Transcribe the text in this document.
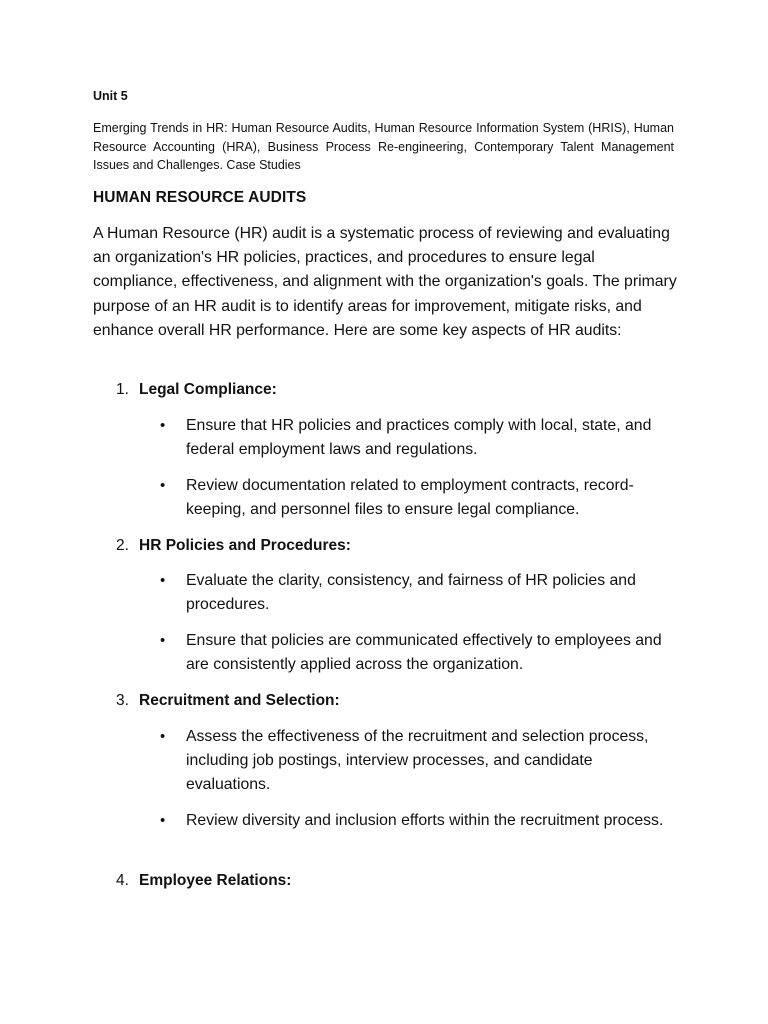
Unit 5
Emerging Trends in HR: Human Resource Audits, Human Resource Information System (HRIS), Human Resource Accounting (HRA), Business Process Re-engineering, Contemporary Talent Management Issues and Challenges. Case Studies
HUMAN RESOURCE AUDITS
A Human Resource (HR) audit is a systematic process of reviewing and evaluating an organization's HR policies, practices, and procedures to ensure legal compliance, effectiveness, and alignment with the organization's goals. The primary purpose of an HR audit is to identify areas for improvement, mitigate risks, and enhance overall HR performance. Here are some key aspects of HR audits:
1. Legal Compliance:
•	Ensure that HR policies and practices comply with local, state, and federal employment laws and regulations.
•	Review documentation related to employment contracts, record-keeping, and personnel files to ensure legal compliance.
2. HR Policies and Procedures:
•	Evaluate the clarity, consistency, and fairness of HR policies and procedures.
•	Ensure that policies are communicated effectively to employees and are consistently applied across the organization.
3. Recruitment and Selection:
•	Assess the effectiveness of the recruitment and selection process, including job postings, interview processes, and candidate evaluations.
•	Review diversity and inclusion efforts within the recruitment process.
4. Employee Relations:
